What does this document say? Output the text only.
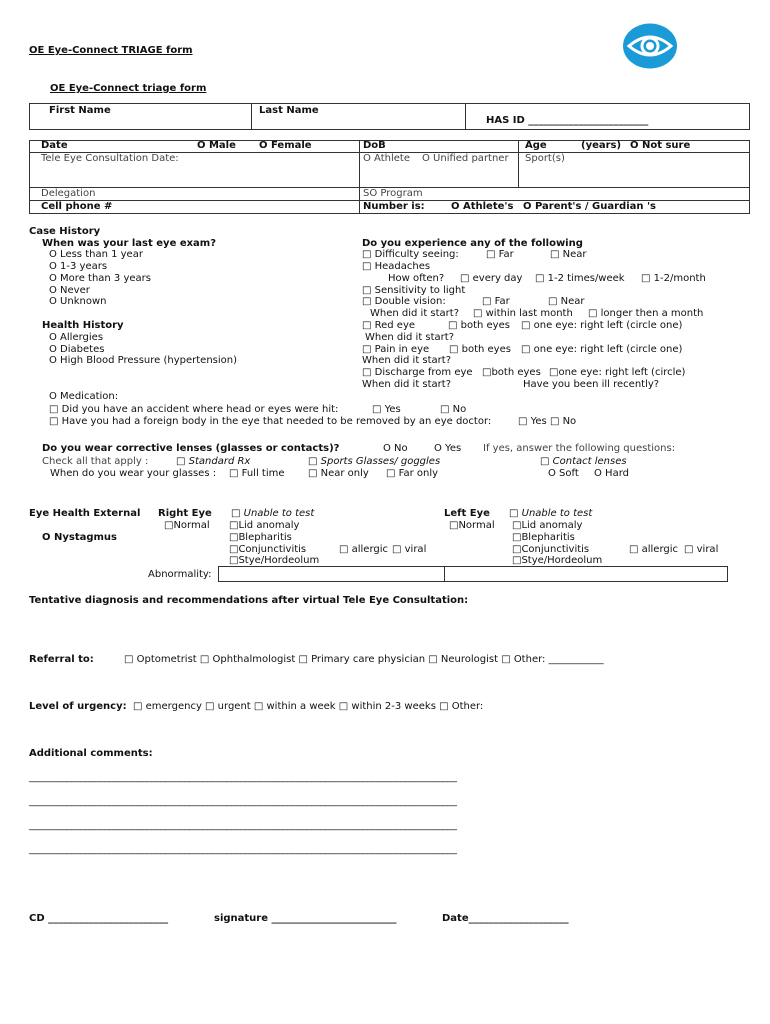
OE Eye-Connect TRIAGE form
OE Eye-Connect triage form
First Name	Last Name
HAS ID ________________________
Date	O Male O Female	DoB	Age	(years) O Not sure
Tele Eye Consultation Date:	O Athlete O Unified partner Sport(s)
Delegation	SO Program
Cell phone #	Number is:	O Athlete's O Parent's / Guardian 's
Case History
When was your last eye exam?
O Less than 1 year
O 1-3 years
O More than 3 years
O Never
O Unknown
Health History
O Allergies
O Diabetes
O High Blood Pressure (hypertension)
Do you experience any of the following
□ Difficulty seeing:	□ Far	□ Near
□ Headaches
How often? □ every day □ 1-2 times/week □ 1-2/month
□ Sensitivity to light
□ Double vision:	□ Far	□ Near
When did it start? □ within last month □ longer then a month
□ Red eye	□ both eyes □ one eye: right left (circle one)
When did it start?
□ Pain in eye □ both eyes □ one eye: right left (circle one)
When did it start?
□ Discharge from eye □both eyes □one eye: right left (circle)
When did it start?	Have you been ill recently?
O Medication:
□ Did you have an accident where head or eyes were hit:	□ Yes	□ No
□ Have you had a foreign body in the eye that needed to be removed by an eye doctor:	□ Yes □ No
Do you wear corrective lenses (glasses or contacts)?	O No	O Yes If yes, answer the following questions:
Check all that apply :	□ Standard Rx	□ Sports Glasses/ goggles	□ Contact lenses
When do you wear your glasses : □ Full time □ Near only □ Far only	O Soft O Hard
Eye Health External
O Nystagmus
Right Eye □ Unable to test
□Normal □Lid anomaly
□Blepharitis
□Conjunctivitis	□ allergic □ viral
□Stye/Hordeolum
Left Eye □ Unable to test
□Normal □Lid anomaly
□Blepharitis
□Conjunctivitis	□ allergic □ viral
□Stye/Hordeolum
Abnormality:
Tentative diagnosis and recommendations after virtual Tele Eye Consultation:
Referral to:	□ Optometrist □ Ophthalmologist □ Primary care physician □ Neurologist □ Other: ___________
Level of urgency: □ emergency □ urgent □ within a week □ within 2-3 weeks □ Other:
Additional comments:
___________________________________________________________________________________________
___________________________________________________________________________________________
___________________________________________________________________________________________
___________________________________________________________________________________________
CD ________________________	signature _________________________	Date____________________
